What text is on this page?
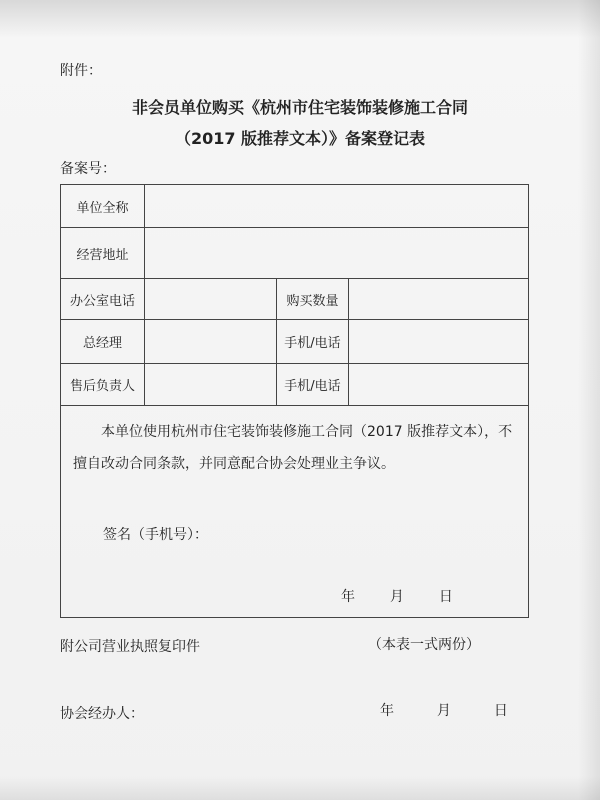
附件：
非会员单位购买《杭州市住宅装饰装修施工合同
（2017 版推荐文本）》备案登记表
备案号：
单位全称			
经营地址			
办公室电话		购买数量	
总经理		手机/电话	
售后负责人		手机/电话	

本单位使用杭州市住宅装饰装修施工合同（2017 版推荐文本），不
擅自改动合同条款，并同意配合协会处理业主争议。
签名（手机号）：
年 月 日			
附公司营业执照复印件	（本表一式两份）
协会经办人：	年	月	日
